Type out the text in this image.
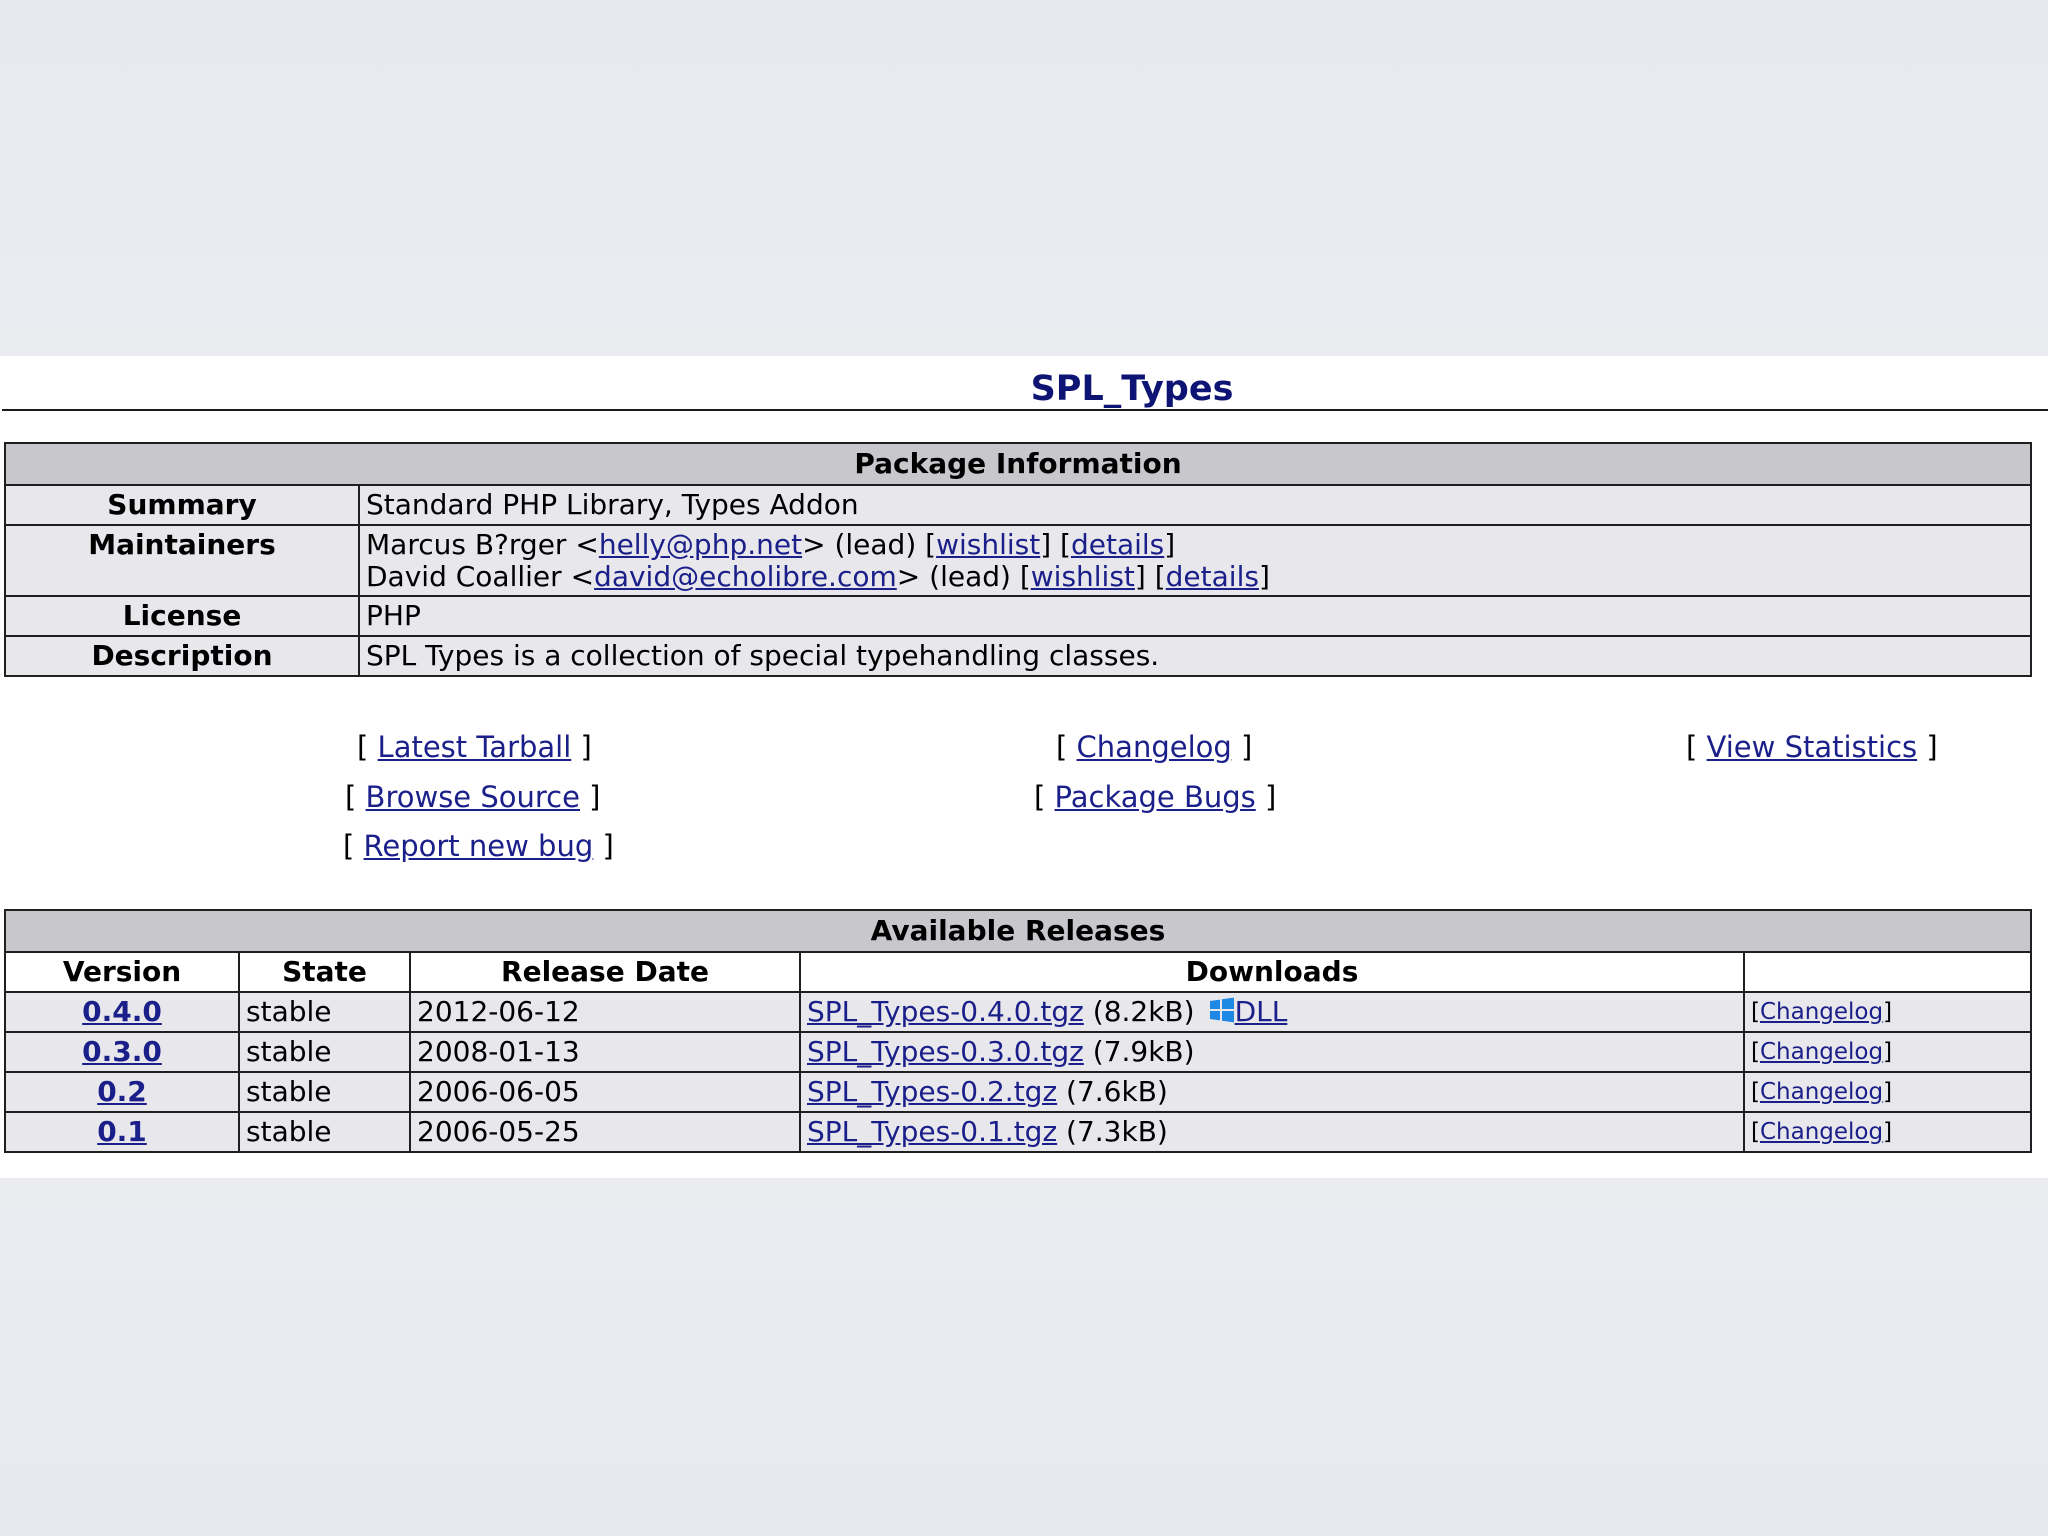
SPL_Types
Package Information	
Summary	Standard PHP Library, Types Addon
Maintainers	Marcus B?rger <helly@php.net> (lead) [wishlist] [details]
David Coallier <david@echolibre.com> (lead) [wishlist] [details]

License	PHP
Description	SPL Types is a collection of special typehandling classes.
[ Latest Tarball ]	[ Changelog ]	[ View Statistics ]
[ Browse Source ]	[ Package Bugs ]
[ Report new bug ]
Available Releases				
Version	State	Release Date	Downloads	
0.4.0	stable	2012-06-12	SPL_Types-0.4.0.tgz (8.2kB) DLL	[Changelog]
0.3.0	stable	2008-01-13	SPL_Types-0.3.0.tgz (7.9kB)	[Changelog]
0.2	stable	2006-06-05	SPL_Types-0.2.tgz (7.6kB)	[Changelog]
0.1	stable	2006-05-25	SPL_Types-0.1.tgz (7.3kB)	[Changelog]
